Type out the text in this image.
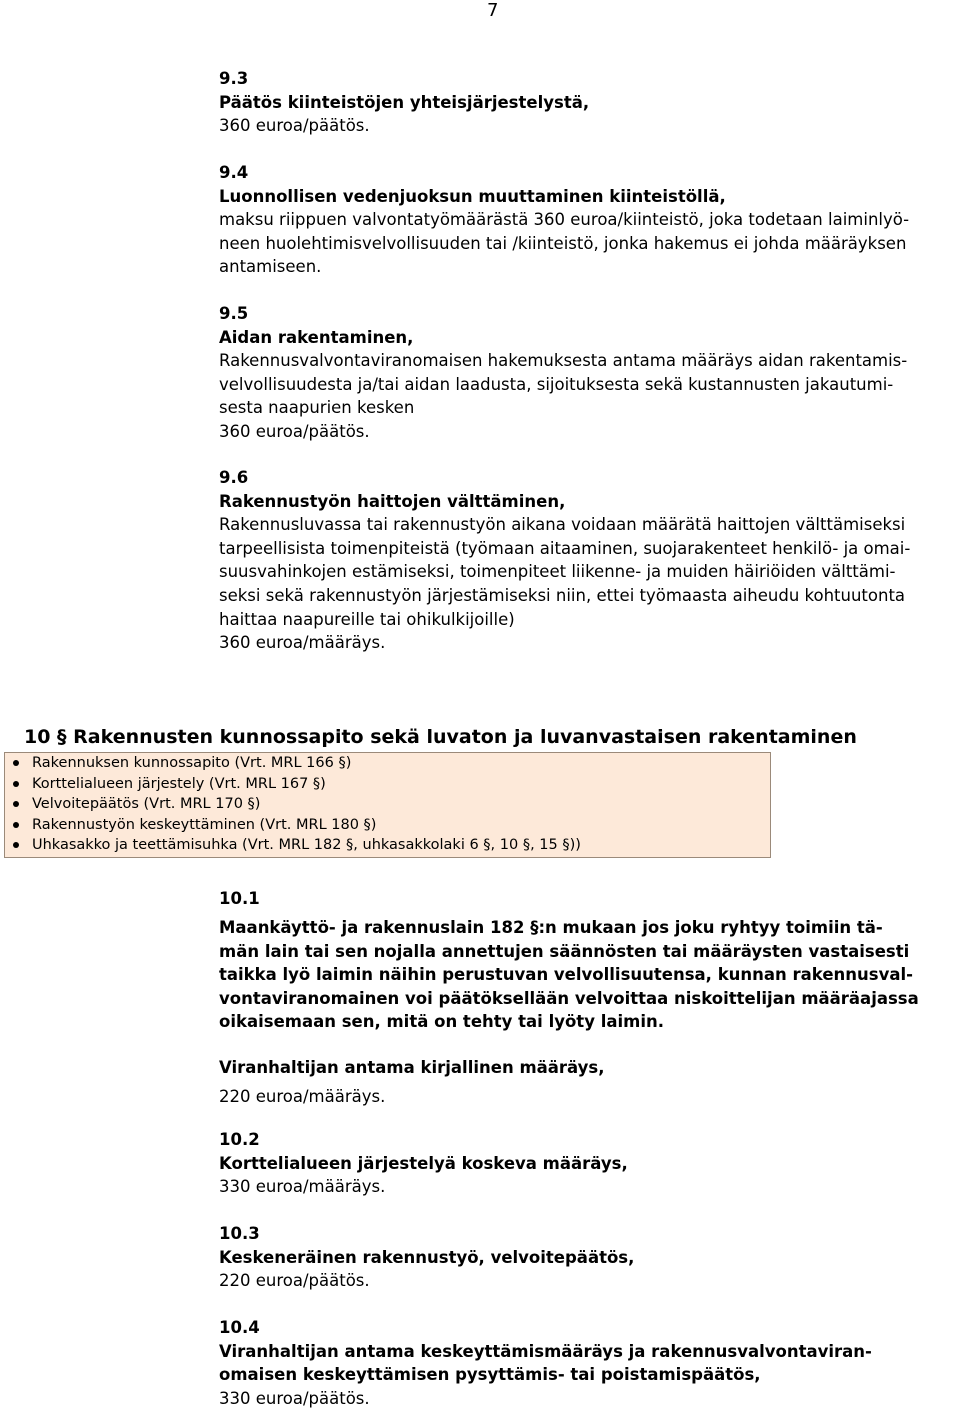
7
9.3
Päätös kiinteistöjen yhteisjärjestelystä,
360 euroa/päätös.
9.4
Luonnollisen vedenjuoksun muuttaminen kiinteistöllä,
maksu riippuen valvontatyömäärästä 360 euroa/kiinteistö, joka todetaan laiminlyö-
neen huolehtimisvelvollisuuden tai /kiinteistö, jonka hakemus ei johda määräyksen
antamiseen.
9.5
Aidan rakentaminen,
Rakennusvalvontaviranomaisen hakemuksesta antama määräys aidan rakentamis-
velvollisuudesta ja/tai aidan laadusta, sijoituksesta sekä kustannusten jakautumi-
sesta naapurien kesken
360 euroa/päätös.
9.6
Rakennustyön haittojen välttäminen,
Rakennusluvassa tai rakennustyön aikana voidaan määrätä haittojen välttämiseksi
tarpeellisista toimenpiteistä (työmaan aitaaminen, suojarakenteet henkilö- ja omai-
suusvahinkojen estämiseksi, toimenpiteet liikenne- ja muiden häiriöiden välttämi-
seksi sekä rakennustyön järjestämiseksi niin, ettei työmaasta aiheudu kohtuutonta
haittaa naapureille tai ohikulkijoille)
360 euroa/määräys.
10 § Rakennusten kunnossapito sekä luvaton ja luvanvastaisen rakentaminen
Rakennuksen kunnossapito (Vrt. MRL 166 §)
Korttelialueen järjestely (Vrt. MRL 167 §)
Velvoitepäätös (Vrt. MRL 170 §)
Rakennustyön keskeyttäminen (Vrt. MRL 180 §)
Uhkasakko ja teettämisuhka (Vrt. MRL 182 §, uhkasakkolaki 6 §, 10 §, 15 §))
10.1
Maankäyttö- ja rakennuslain 182 §:n mukaan jos joku ryhtyy toimiin tä-
män lain tai sen nojalla annettujen säännösten tai määräysten vastaisesti
taikka lyö laimin näihin perustuvan velvollisuutensa, kunnan rakennusval-
vontaviranomainen voi päätöksellään velvoittaa niskoittelijan määräajassa
oikaisemaan sen, mitä on tehty tai lyöty laimin.
Viranhaltijan antama kirjallinen määräys,
220 euroa/määräys.
10.2
Korttelialueen järjestelyä koskeva määräys,
330 euroa/määräys.
10.3
Keskeneräinen rakennustyö, velvoitepäätös,
220 euroa/päätös.
10.4
Viranhaltijan antama keskeyttämismääräys ja rakennusvalvontaviran-
omaisen keskeyttämisen pysyttämis- tai poistamispäätös,
330 euroa/päätös.
